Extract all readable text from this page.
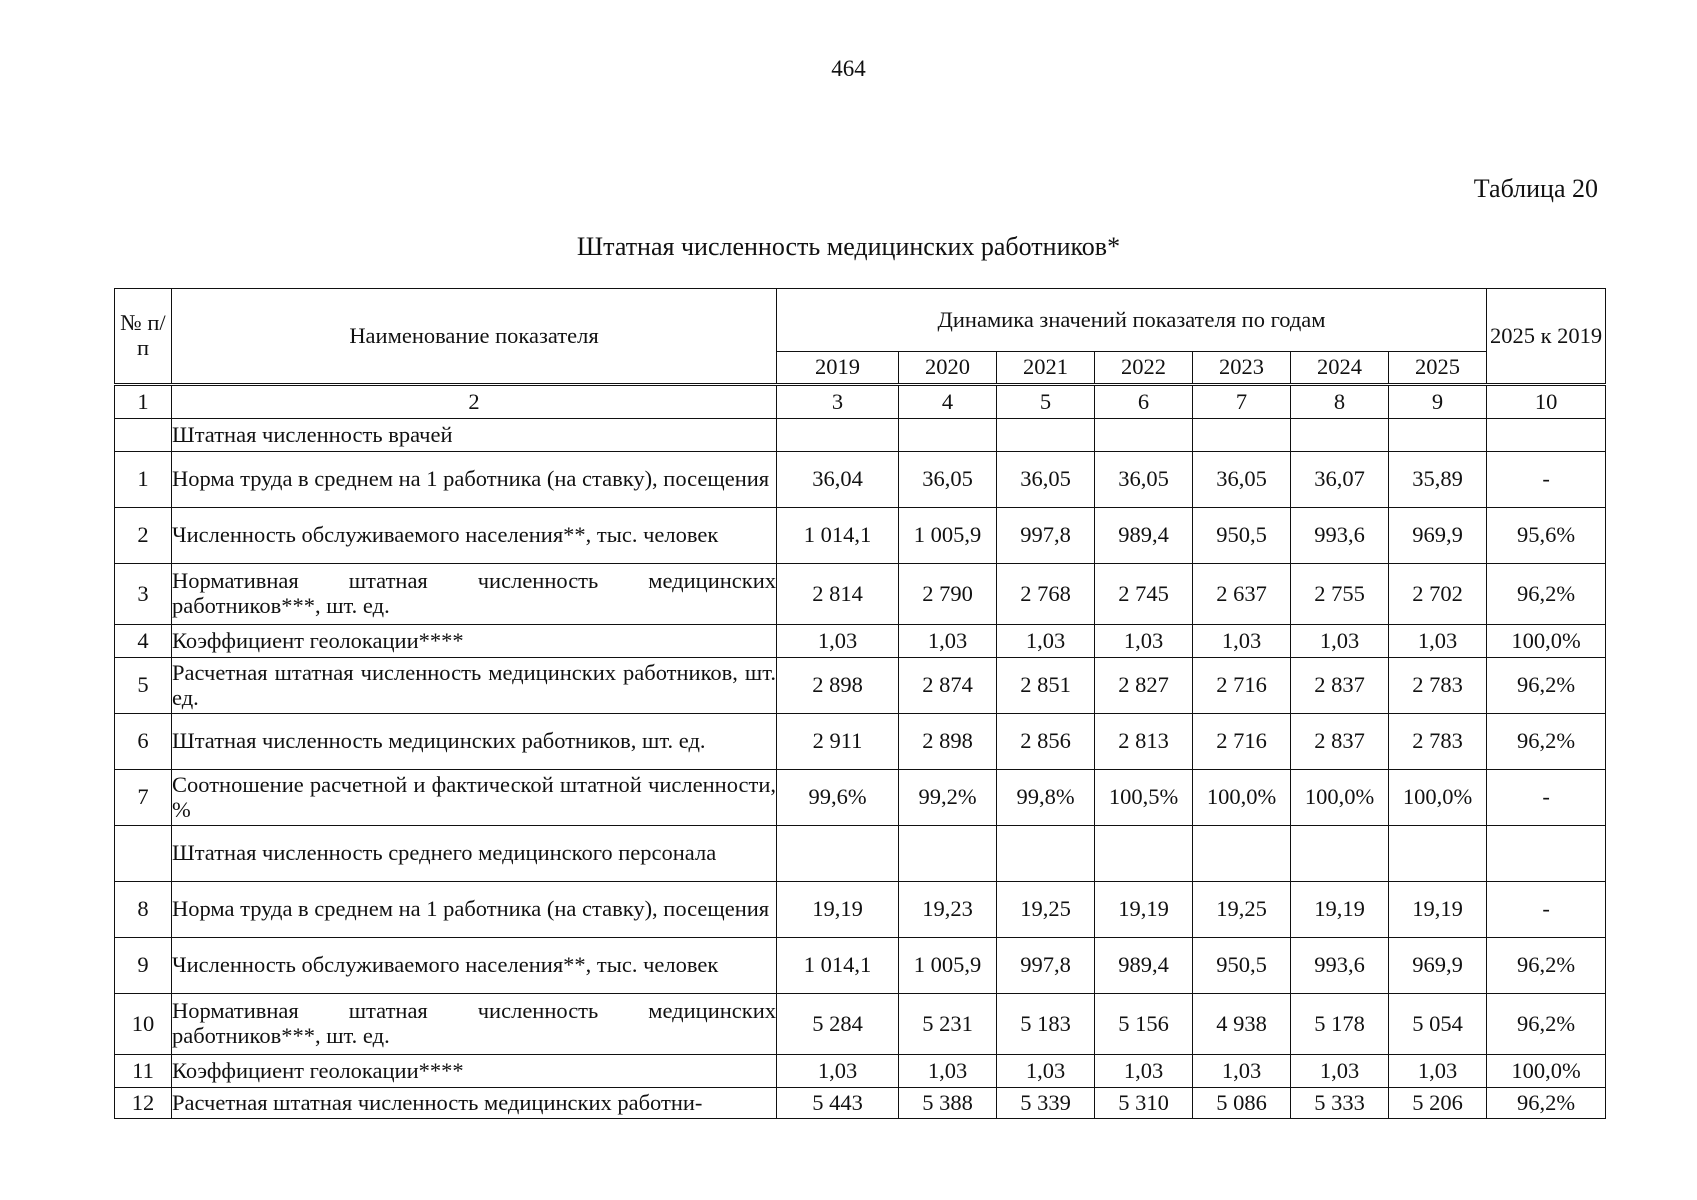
464
Таблица 20
Штатная численность медицинских работников*
№ п/п	Наименование показателя	Динамика значений показателя по годам							2025 к 2019
		2019	2020	2021	2022	2023	2024	2025	
1	2	3	4	5	6	7	8	9	10
	Штатная численность врачей								
1	Норма труда в среднем на 1 работника (на ставку), посещения	36,04	36,05	36,05	36,05	36,05	36,07	35,89	-
2	Численность обслуживаемого населения**, тыс. человек	1 014,1	1 005,9	997,8	989,4	950,5	993,6	969,9	95,6%
3	Нормативная штатная численность медицинских работников***, шт. ед.	2 814	2 790	2 768	2 745	2 637	2 755	2 702	96,2%
4	Коэффициент геолокации****	1,03	1,03	1,03	1,03	1,03	1,03	1,03	100,0%
5	Расчетная штатная численность медицинских работников, шт. ед.	2 898	2 874	2 851	2 827	2 716	2 837	2 783	96,2%
6	Штатная численность медицинских работников, шт. ед.	2 911	2 898	2 856	2 813	2 716	2 837	2 783	96,2%
7	Соотношение расчетной и фактической штатной численности, %	99,6%	99,2%	99,8%	100,5%	100,0%	100,0%	100,0%	-
	Штатная численность среднего медицинского персонала								
8	Норма труда в среднем на 1 работника (на ставку), посещения	19,19	19,23	19,25	19,19	19,25	19,19	19,19	-
9	Численность обслуживаемого населения**, тыс. человек	1 014,1	1 005,9	997,8	989,4	950,5	993,6	969,9	96,2%
10	Нормативная штатная численность медицинских работников***, шт. ед.	5 284	5 231	5 183	5 156	4 938	5 178	5 054	96,2%
11	Коэффициент геолокации****	1,03	1,03	1,03	1,03	1,03	1,03	1,03	100,0%
12	Расчетная штатная численность медицинских работни-	5 443	5 388	5 339	5 310	5 086	5 333	5 206	96,2%
